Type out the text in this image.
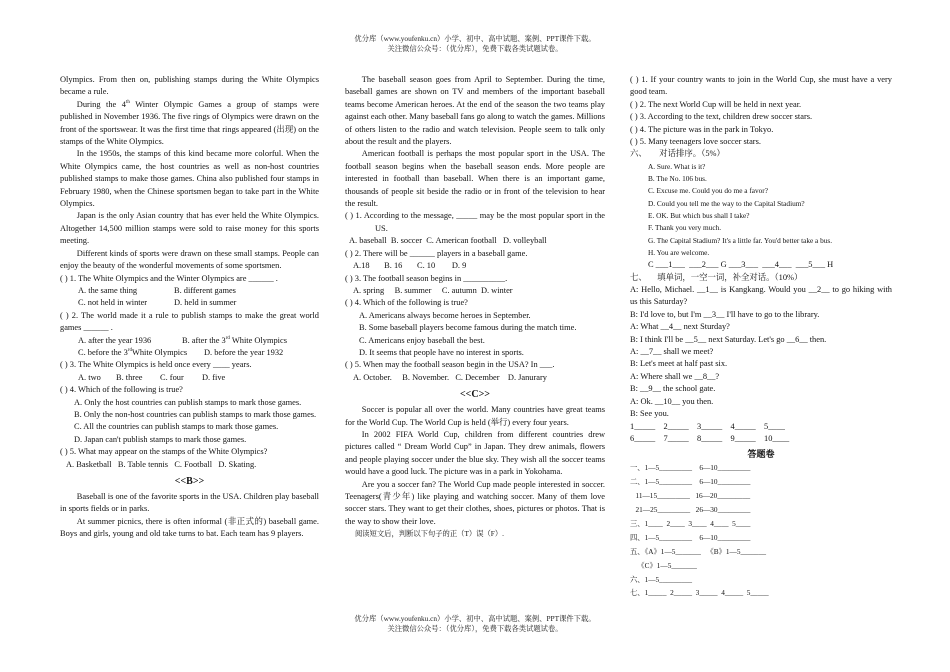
优分库（www.youfenku.cn）小学、初中、高中试题、案例、PPT课件下载。
关注微信公众号：（优分库），免费下载各类试题试卷。

Olympics. From then on, publishing stamps during the White Olympics became a rule.

During the 4th Winter Olympic Games a group of stamps were published in November 1936. The five rings of Olympics were drawn on the front of the sportswear. It was the first time that rings appeared (出现) on the stamps of the White Olympics.

In the 1950s, the stamps of this kind became more colorful. When the White Olympics came, the host countries as well as non-host countries published stamps to make those games. China also published four stamps in February 1980, when the Chinese sportsmen began to take part in the White Olympics.

Japan is the only Asian country that has ever held the White Olympics. Altogether 14,500 million stamps were sold to raise money for this sports meeting.

Different kinds of sports were drawn on these small stamps. People can enjoy the beauty of the wonderful movements of some sportsmen.

( ) 1. The White Olympics and the Winter Olympics are ______ .

A. the same thing	B. different games

C. not held in winter	D. held in summer

( ) 2. The world made it a rule to publish stamps to make the great world games ______ .

A. after the year 1936	B. after the 3rd White Olympics

C. before the 3rdWhite Olympics D. before the year 1932

( ) 3. The White Olympics is held once every ____ years.

A. two B. three C. four D. five

( ) 4. Which of the following is true?

A. Only the host countries can publish stamps to mark those games.

B. Only the non-host countries can publish stamps to mark those games.

C. All the countries can publish stamps to mark those games.

D. Japan can't publish stamps to mark those games.

( ) 5. What may appear on the stamps of the White Olympics?

A. Basketball   B. Table tennis   C. Football   D. Skating.

<<B>>

Baseball is one of the favorite sports in the USA. Children play baseball in sports fields or in parks.

At summer picnics, there is often informal (非正式的) baseball game. Boys and girls, young and old take turns to bat. Each team has 9 players.

The baseball season goes from April to September. During the time, baseball games are shown on TV and members of the important baseball teams become American heroes. At the end of the season the two teams play against each other. Many baseball fans go along to watch the games. Millions of others listen to the radio and watch television. People seem to talk only about the result and the players.

American football is perhaps the most popular sport in the USA. The football season begins when the baseball season ends. More people are interested in football than baseball. When there is an important game, thousands of people sit beside the radio or in front of the television to hear the result.

( ) 1. According to the message, _____ may be the most popular sport in the US.

A. baseball  B. soccer  C. American football   D. volleyball

( ) 2. There will be ______ players in a baseball game.

A.18       B. 16       C. 10        D. 9

( ) 3. The football season begins in __________.

A. spring     B. summer     C. autumn  D. winter

( ) 4. Which of the following is true?

A. Americans always become heroes in September.

B. Some baseball players become famous during the match time.

C. Americans enjoy baseball the best.

D. It seems that people have no interest in sports.

( ) 5. When may the football season begin in the USA? In ___.

A. October.     B. November.   C. December    D. Janurary

<<C>>

Soccer is popular all over the world. Many countries have great teams for the World Cup. The World Cup is held (举行) every four years.

In 2002 FIFA World Cup, children from different countries drew pictures called “ Dream World Cup” in Japan. They drew animals, flowers and people playing soccer under the blue sky. They wish all the soccer teams would have a good luck. The picture was in a park in Yokohama.

Are you a soccer fan? The World Cup made people interested in soccer. Teenagers(青少年) like playing and watching soccer. Many of them love soccer stars. They want to get their clothes, shoes, pictures or photos. That is the way to show their love.

阅读短文后，判断以下句子的正（T）误（F）.

( ) 1. If your country wants to join in the World Cup, she must have a very good team.

( ) 2. The next World Cup will be held in next year.

( ) 3. According to the text, children drew soccer stars.

( ) 4. The picture was in the park in Tokyo.

( ) 5. Many teenagers love soccer stars.

六、      对话排序。（5%）

A. Sure. What is it?

B. The No. 106 bus.

C. Excuse me. Could you do me a favor?

D. Could you tell me the way to the Capital Stadium?

E. OK. But which bus shall I take?

F. Thank you very much.

G. The Capital Stadium? It's a little far. You'd better take a bus.

H. You are welcome.

C ___1___  ___2___ G ___3___  ___4___  ___5___ H

七、     填单词，一空一词，补全对话。（10%）

A: Hello, Michael. __1__ is Kangkang. Would you __2__ to go hiking with us this Saturday?

B: I'd love to, but I'm __3__ I'll have to go to the library.

A: What __4__ next Sturday?

B: I think I'll be __5__ next Saturday. Let's go __6__ then.

A: __7__ shall we meet?

B: Let's meet at half past six.

A: Where shall we __8__?

B: __9__ the school gate.

A: Ok. __10__ you then.

B: See you.

1_____    2_____    3_____    4_____    5____

6_____    7_____    8_____    9_____    10____

答题卷

一、1—5_________    6—10_________

二、1—5_________    6—10_________

11—15_________   16—20_________

21—25_________   26—30_________

三、1____  2____  3____  4____  5____

四、1—5_________    6—10_________

五、《A》1—5_______   《B》1—5_______

《C》1—5_______

六、1—5_________

七、1_____  2_____  3_____  4_____  5_____

优分库（www.youfenku.cn）小学、初中、高中试题、案例、PPT课件下载。
关注微信公众号：（优分库），免费下载各类试题试卷。
